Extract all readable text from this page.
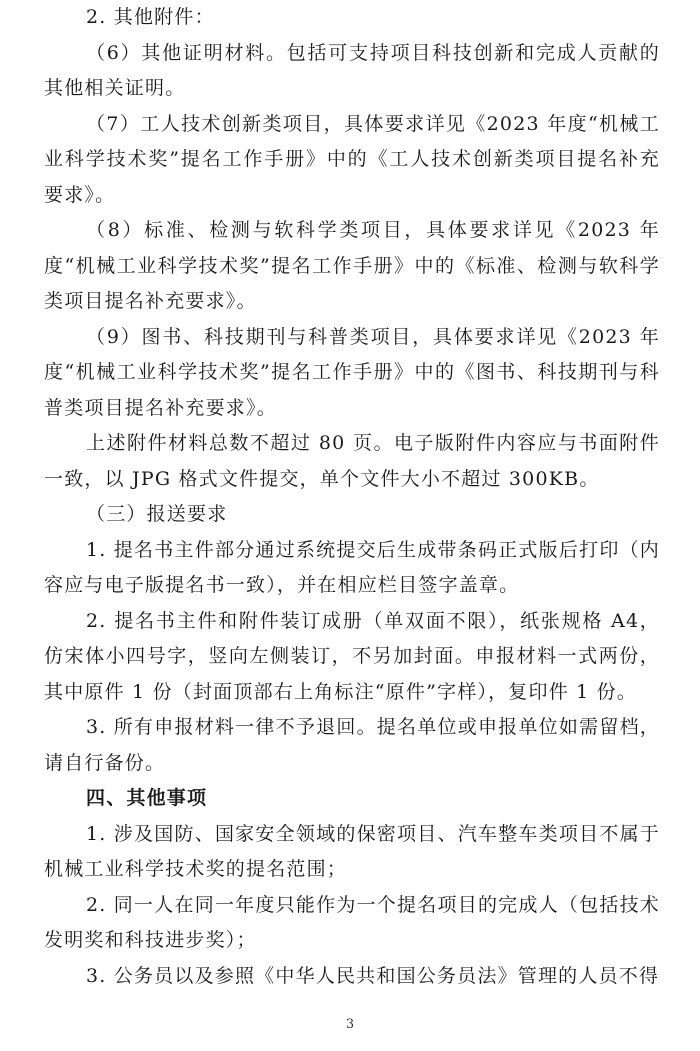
2. 其他附件：

（6）其他证明材料。包括可支持项目科技创新和完成人贡献的其他相关证明。

（7）工人技术创新类项目，具体要求详见《2023 年度“机械工业科学技术奖”提名工作手册》中的《工人技术创新类项目提名补充要求》。

（8）标准、检测与软科学类项目，具体要求详见《2023 年度“机械工业科学技术奖”提名工作手册》中的《标准、检测与软科学类项目提名补充要求》。

（9）图书、科技期刊与科普类项目，具体要求详见《2023 年度“机械工业科学技术奖”提名工作手册》中的《图书、科技期刊与科普类项目提名补充要求》。

上述附件材料总数不超过 80 页。电子版附件内容应与书面附件一致，以 JPG 格式文件提交，单个文件大小不超过 300KB。

（三）报送要求

1. 提名书主件部分通过系统提交后生成带条码正式版后打印（内容应与电子版提名书一致），并在相应栏目签字盖章。

2. 提名书主件和附件装订成册（单双面不限），纸张规格 A4，仿宋体小四号字，竖向左侧装订，不另加封面。申报材料一式两份，其中原件 1 份（封面顶部右上角标注“原件”字样），复印件 1 份。

3. 所有申报材料一律不予退回。提名单位或申报单位如需留档，请自行备份。

四、其他事项

1. 涉及国防、国家安全领域的保密项目、汽车整车类项目不属于机械工业科学技术奖的提名范围；

2. 同一人在同一年度只能作为一个提名项目的完成人（包括技术发明奖和科技进步奖）；

3. 公务员以及参照《中华人民共和国公务员法》管理的人员不得

3
